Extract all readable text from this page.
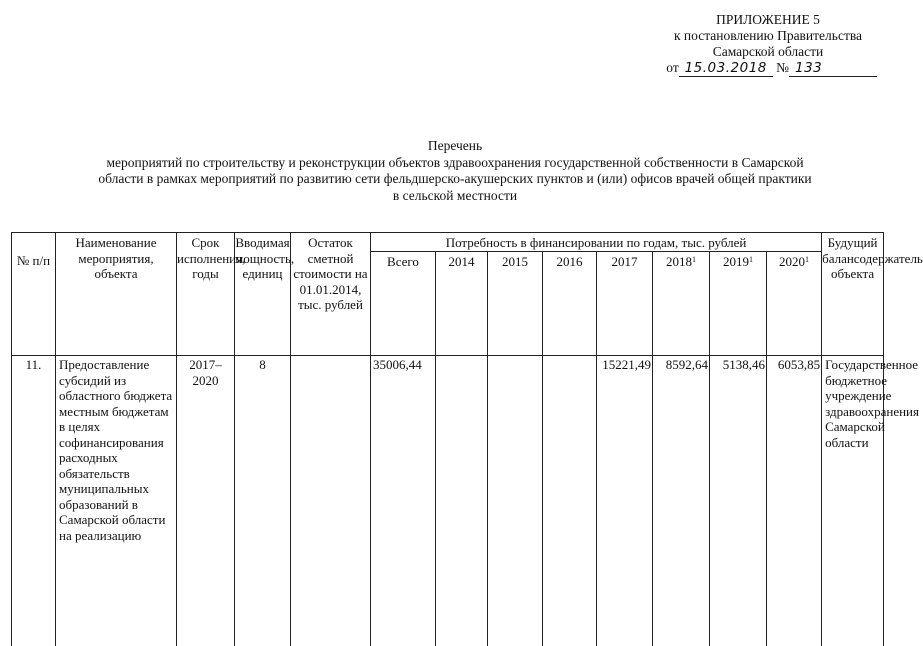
ПРИЛОЖЕНИЕ 5
к постановлению Правительства
Самарской области
от 15.03.2018 № 133
Перечень
мероприятий по строительству и реконструкции объектов здравоохранения государственной собственности в Самарской
области в рамках мероприятий по развитию сети фельдшерско-акушерских пунктов и (или) офисов врачей общей практики
в сельской местности
№ п/п	Наименование мероприятия, объекта	Срок исполнения, годы	Вводимая мощность, единиц	Остаток сметной стоимости на 01.01.2014, тыс. рублей	Потребность в финансировании по годам, тыс. рублей								Будущий балансодержатель объекта
					Всего	2014	2015	2016	2017	2018$^1$	2019$^1$	2020$^1$

11.	Предоставление субсидий из областного бюджета местным бюджетам в целях софинансирования расходных обязательств муниципальных образований в Самарской области на реализацию	2017–2020	8		35006,44				15221,49	8592,64	5138,46	6053,85	Государственное бюджетное учреждение здравоохранения Самарской области
